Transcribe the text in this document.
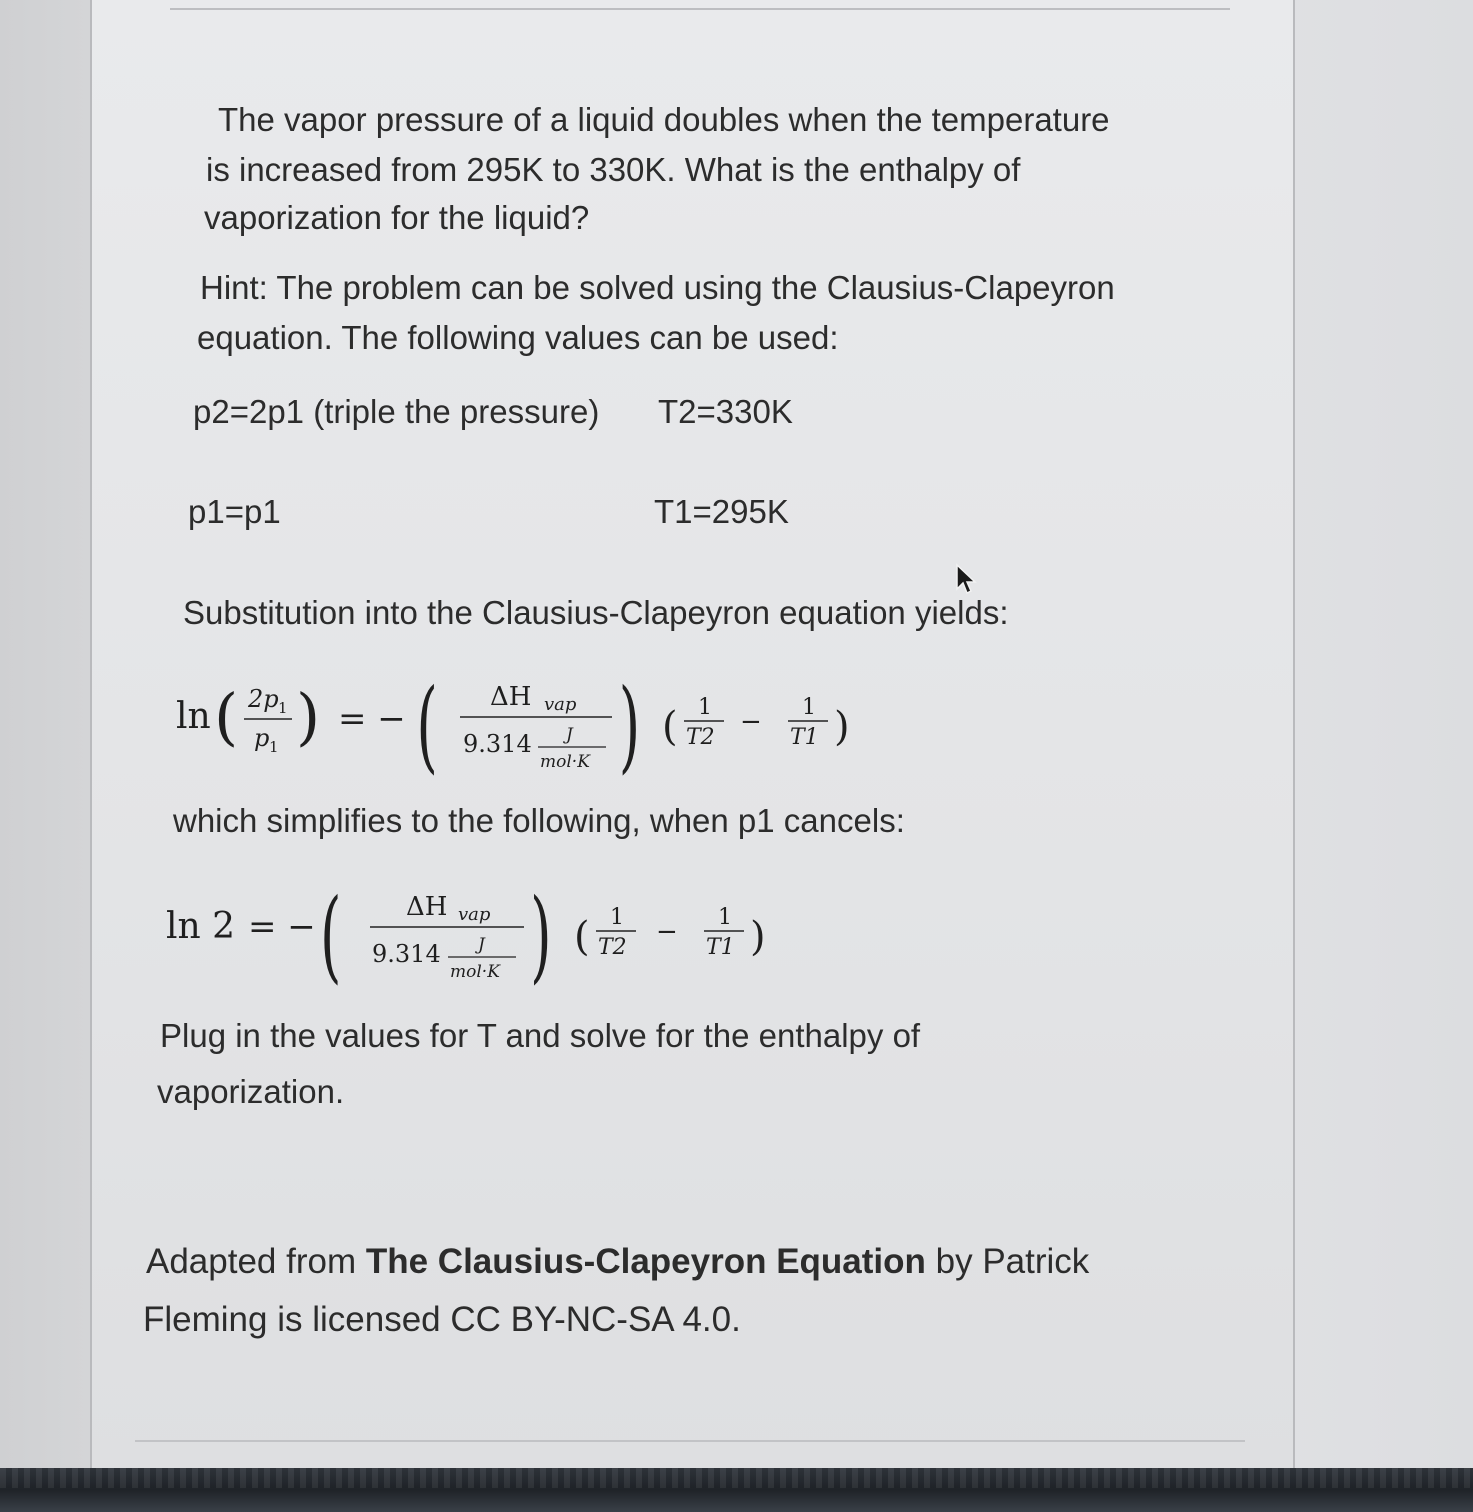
The vapor pressure of a liquid doubles when the temperature
is increased from 295K to 330K. What is the enthalpy of
vaporization for the liquid?
Hint: The problem can be solved using the Clausius-Clapeyron
equation. The following values can be used:
p2=2p1 (triple the pressure) T2=330K
p1=p1	T1=295K
Substitution into the Clausius-Clapeyron equation yields:
ln ( 2p 1
p 1 ) = − ( ΔH vap
9.314 J
mol·K ) ( 1
T2
− 1
T1 )
which simplifies to the following, when p1 cancels:
ln 2 = − ( ΔH vap
9.314 J
mol·K ) ( 1
T2
− 1
T1 )
Plug in the values for T and solve for the enthalpy of
vaporization.
Adapted from The Clausius-Clapeyron Equation by Patrick
Fleming is licensed CC BY-NC-SA 4.0.
